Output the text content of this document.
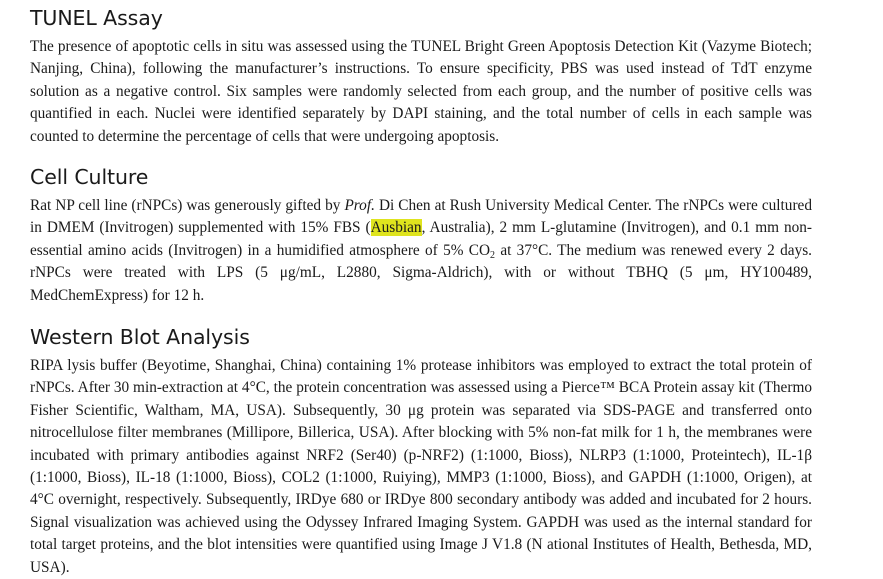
TUNEL Assay

The presence of apoptotic cells in situ was assessed using the TUNEL Bright Green Apoptosis Detection Kit (Vazyme Biotech; Nanjing, China), following the manufacturer’s instructions. To ensure specificity, PBS was used instead of TdT enzyme solution as a negative control. Six samples were randomly selected from each group, and the number of positive cells was quantified in each. Nuclei were identified separately by DAPI staining, and the total number of cells in each sample was counted to determine the percentage of cells that were undergoing apoptosis.

Cell Culture

Rat NP cell line (rNPCs) was generously gifted by Prof. Di Chen at Rush University Medical Center. The rNPCs were cultured in DMEM (Invitrogen) supplemented with 15% FBS (Ausbian, Australia), 2 mm L-glutamine (Invitrogen), and 0.1 mm non-essential amino acids (Invitrogen) in a humidified atmosphere of 5% $CO_2$ at 37°C. The medium was renewed every 2 days. rNPCs were treated with LPS (5 μg/mL, L2880, Sigma-Aldrich), with or without TBHQ (5 μm, HY100489, MedChemExpress) for 12 h.

Western Blot Analysis

RIPA lysis buffer (Beyotime, Shanghai, China) containing 1% protease inhibitors was employed to extract the total protein of rNPCs. After 30 min-extraction at 4°C, the protein concentration was assessed using a Pierce™ BCA Protein assay kit (Thermo Fisher Scientific, Waltham, MA, USA). Subsequently, 30 μg protein was separated via SDS-PAGE and transferred onto nitrocellulose filter membranes (Millipore, Billerica, USA). After blocking with 5% non-fat milk for 1 h, the membranes were incubated with primary antibodies against NRF2 (Ser40) (p-NRF2) (1:1000, Bioss), NLRP3 (1:1000, Proteintech), IL-1β (1:1000, Bioss), IL-18 (1:1000, Bioss), COL2 (1:1000, Ruiying), MMP3 (1:1000, Bioss), and GAPDH (1:1000, Origen), at 4°C overnight, respectively. Subsequently, IRDye 680 or IRDye 800 secondary antibody was added and incubated for 2 hours. Signal visualization was achieved using the Odyssey Infrared Imaging System. GAPDH was used as the internal standard for total target proteins, and the blot intensities were quantified using Image J V1.8 (N ational Institutes of Health, Bethesda, MD, USA).
